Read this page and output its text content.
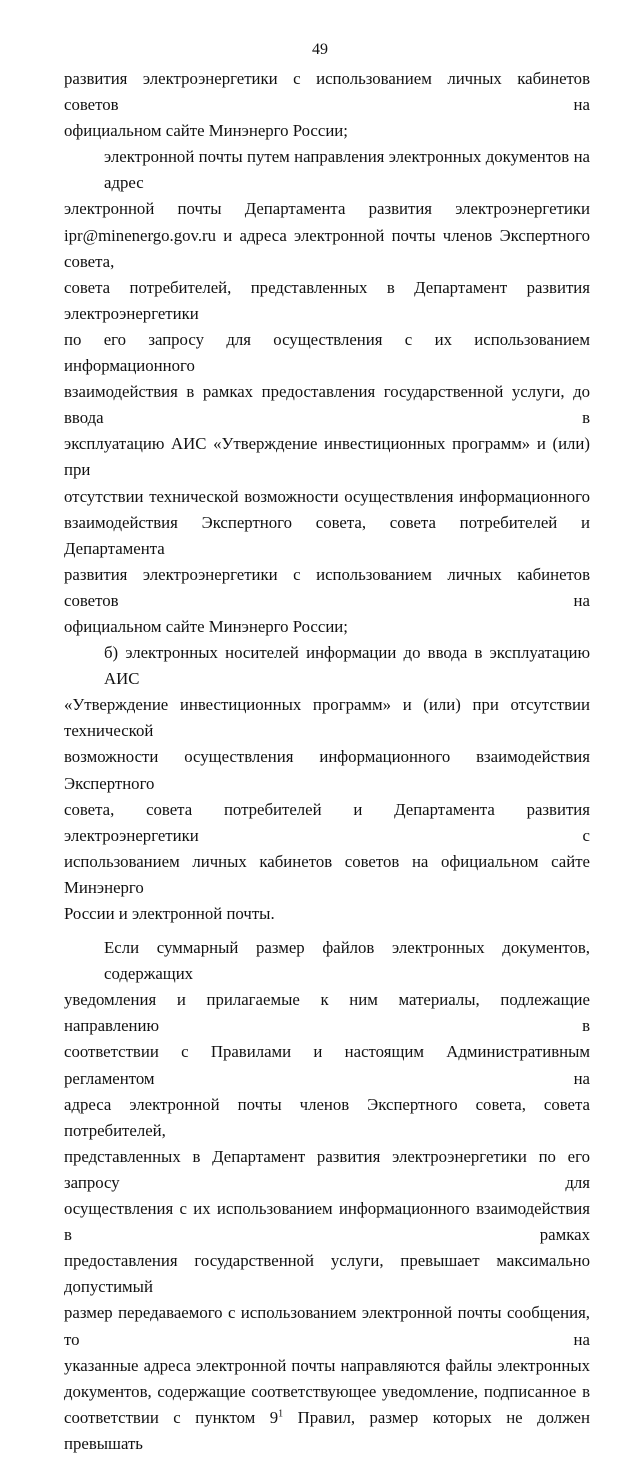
49
развития электроэнергетики с использованием личных кабинетов советов на
официальном сайте Минэнерго России;
электронной почты путем направления электронных документов на адрес
электронной почты Департамента развития электроэнергетики
ipr@minenergo.gov.ru и адреса электронной почты членов Экспертного совета,
совета потребителей, представленных в Департамент развития электроэнергетики
по его запросу для осуществления с их использованием информационного
взаимодействия в рамках предоставления государственной услуги, до ввода в
эксплуатацию АИС «Утверждение инвестиционных программ» и (или) при
отсутствии технической возможности осуществления информационного
взаимодействия Экспертного совета, совета потребителей и Департамента
развития электроэнергетики с использованием личных кабинетов советов на
официальном сайте Минэнерго России;
б) электронных носителей информации до ввода в эксплуатацию АИС
«Утверждение инвестиционных программ» и (или) при отсутствии технической
возможности осуществления информационного взаимодействия Экспертного
совета, совета потребителей и Департамента развития электроэнергетики с
использованием личных кабинетов советов на официальном сайте Минэнерго
России и электронной почты.
Если суммарный размер файлов электронных документов, содержащих
уведомления и прилагаемые к ним материалы, подлежащие направлению в
соответствии с Правилами и настоящим Административным регламентом на
адреса электронной почты членов Экспертного совета, совета потребителей,
представленных в Департамент развития электроэнергетики по его запросу для
осуществления с их использованием информационного взаимодействия в рамках
предоставления государственной услуги, превышает максимально допустимый
размер передаваемого с использованием электронной почты сообщения, то на
указанные адреса электронной почты направляются файлы электронных
документов, содержащие соответствующее уведомление, подписанное в
соответствии с пунктом $9^1$ Правил, размер которых не должен превышать
